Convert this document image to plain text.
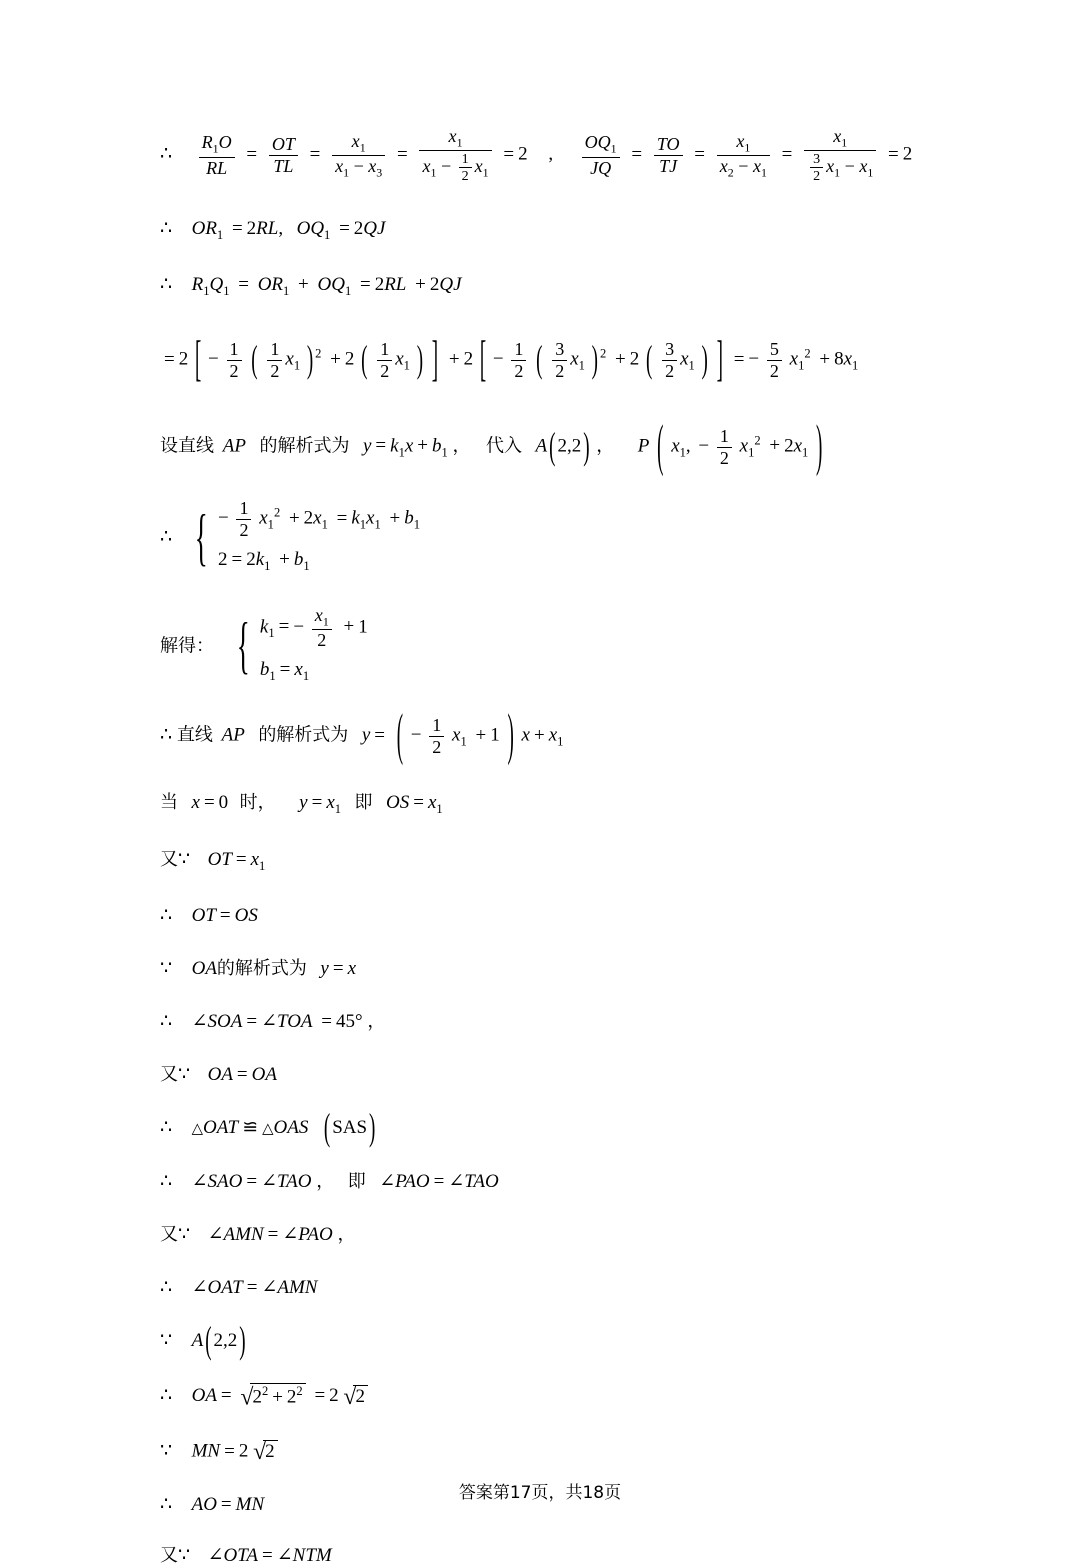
∴ $\frac{R_1O}{RL} = \frac{OT}{TL} = \frac{x_1}{x_1 - x_3} = \frac{x_1}{x_1 - \frac{1}{2} x_1} = 2$ , $\frac{OQ_1}{JQ} = \frac{TO}{TJ} = \frac{x_1}{x_2 - x_1} = \frac{x_1}{\frac{3}{2} x_1 - x_1} = 2$
∴ $OR_1 = 2RL$, $OQ_1 = 2QJ$
∴ $R_1Q_1 = OR_1 + OQ_1 = 2RL + 2QJ$
= 2 [ − $\frac{1}{2}$ ( $\frac{1}{2} x_1$ ) $^2$ + 2 ( $\frac{1}{2} x_1$ ) ] + 2 [ − $\frac{1}{2}$ ( $\frac{3}{2} x_1$ ) $^2$ + 2 ( $\frac{3}{2} x_1$ ) ] = − $\frac{5}{2} x_1^2 + 8x_1$
设直线 AP 的解析式为 $y = k_1x + b_1$ ， 代入 A ( 2,2 ) ， P ( $x_1$, − $\frac{1}{2} x_1^2 + 2x_1$ )
∴ { − $\frac{1}{2} x_1^2 + 2x_1 = k_1x_1 + b_1$
$2 = 2k_1 + b_1$
解得： { $k_1$ = − $\frac{x_1}{2} + 1$
$b_1 = x_1$
∴ 直线 AP 的解析式为 y = ( − $\frac{1}{2} x_1 + 1$ ) $x + x_1$
当 x = 0 时， $y = x_1$ 即 OS = $x_1$
又∵ OT = $x_1$
∴ OT = OS
∵ OA的解析式为 y = x
∴ ∠SOA = ∠TOA = 45° ，
又∵ OA = OA
∴ △OAT ≌ △OAS ( SAS )
∴ ∠SAO = ∠TAO ， 即 ∠PAO = ∠TAO
又∵ ∠AMN = ∠PAO ，
∴ ∠OAT = ∠AMN
∵ A ( 2,2 )
∴ OA = $√2^2 + 2^2 = 2$ √2
∵ MN = 2 √2
∴ AO = MN
又∵ ∠OTA = ∠NTM
答案第17页，共18页
